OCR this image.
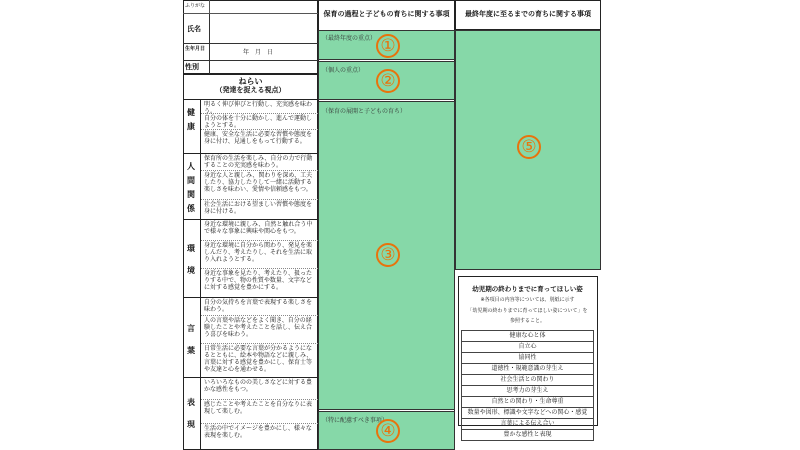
ふりがな
氏名
生年月日	年　月　日
性別
ねらい
（発達を捉える視点）
健康
明るく伸び伸びと行動し、充実感を味わう。
自分の体を十分に動かし、進んで運動しようとする。
健康、安全な生活に必要な習慣や態度を身に付け、見通しをもって行動する。
人間関係
保育所の生活を楽しみ、自分の力で行動することの充実感を味わう。
身近な人と親しみ、関わりを深め、工夫したり、協力したりして一緒に活動する楽しさを味わい、愛情や信頼感をもつ。
社会生活における望ましい習慣や態度を身に付ける。
環境
身近な環境に親しみ、自然と触れ合う中で様々な事象に興味や関心をもつ。
身近な環境に自分から関わり、発見を楽しんだり、考えたりし、それを生活に取り入れようとする。
身近な事象を見たり、考えたり、扱ったりする中で、物の性質や数量、文字などに対する感覚を豊かにする。
言葉
自分の気持ちを言葉で表現する楽しさを味わう。
人の言葉や話などをよく聞き、自分の経験したことや考えたことを話し、伝え合う喜びを味わう。
日常生活に必要な言葉が分かるようになるとともに、絵本や物語などに親しみ、言葉に対する感覚を豊かにし、保育士等や友達と心を通わせる。
表現
いろいろなものの美しさなどに対する豊かな感性をもつ。
感じたことや考えたことを自分なりに表現して楽しむ。
生活の中でイメージを豊かにし、様々な表現を楽しむ。
保育の過程と子どもの育ちに関する事項
（最終年度の重点） ①
（個人の重点） ②
（保育の展開と子どもの育ち）
③
（特に配慮すべき事項）
④
最終年度に至るまでの育ちに関する事項
⑤
幼児期の終わりまでに育ってほしい姿
※各項目の内容等については、別紙に示す
「幼児期の終わりまでに育ってほしい姿について」を
参照すること。
健康な心と体
自立心
協同性
道徳性・規範意識の芽生え
社会生活との関わり
思考力の芽生え
自然との関わり・生命尊重
数量や図形、標識や文字などへの関心・感覚
言葉による伝え合い
豊かな感性と表現
